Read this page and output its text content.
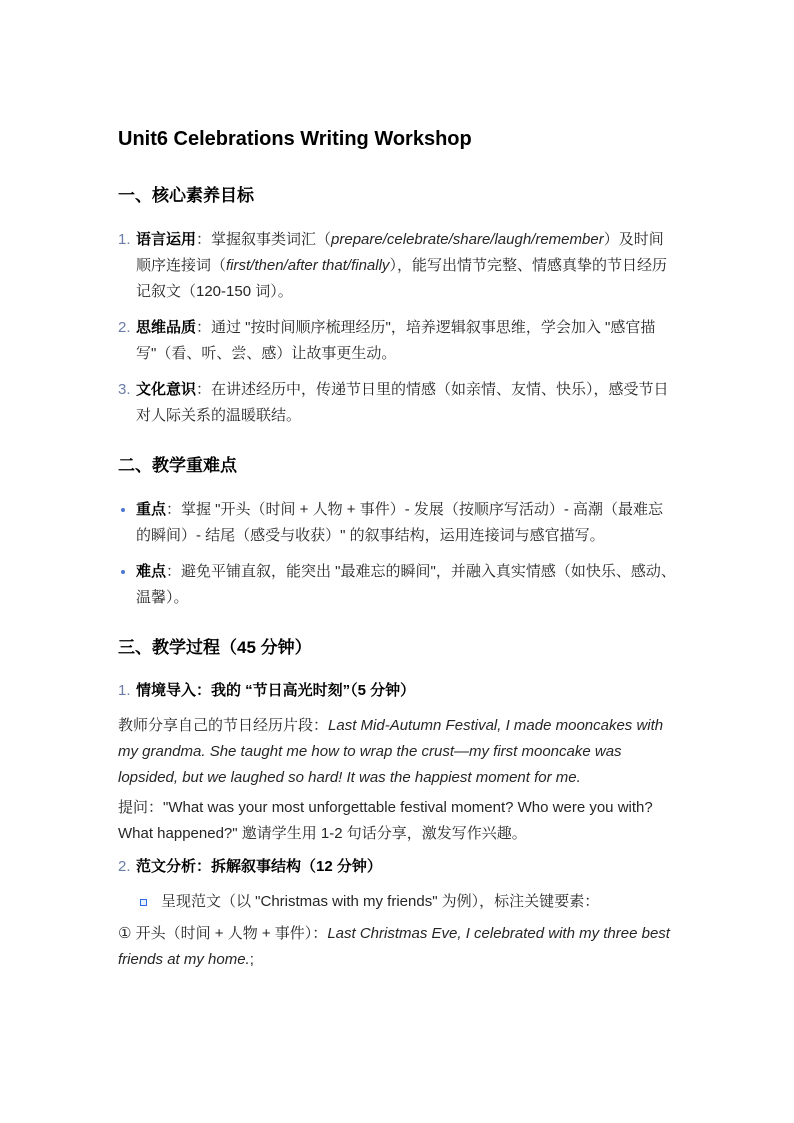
Unit6 Celebrations Writing Workshop
一、核心素养目标
1. 语言运用：掌握叙事类词汇（prepare/celebrate/share/laugh/remember）及时间顺序连接词（first/then/after that/finally），能写出情节完整、情感真挚的节日经历记叙文（120-150 词）。
2. 思维品质：通过 "按时间顺序梳理经历"，培养逻辑叙事思维，学会加入 "感官描写"（看、听、尝、感）让故事更生动。
3. 文化意识：在讲述经历中，传递节日里的情感（如亲情、友情、快乐），感受节日对人际关系的温暖联结。
二、教学重难点
重点：掌握 "开头（时间 + 人物 + 事件）- 发展（按顺序写活动）- 高潮（最难忘的瞬间）- 结尾（感受与收获）" 的叙事结构，运用连接词与感官描写。
难点：避免平铺直叙，能突出 "最难忘的瞬间"，并融入真实情感（如快乐、感动、温馨）。
三、教学过程（45 分钟）
1. 情境导入：我的 “节日高光时刻”（5 分钟）

教师分享自己的节日经历片段：Last Mid-Autumn Festival, I made mooncakes with my grandma. She taught me how to wrap the crust—my first mooncake was lopsided, but we laughed so hard! It was the happiest moment for me.

提问："What was your most unforgettable festival moment? Who were you with? What happened?" 邀请学生用 1-2 句话分享，激发写作兴趣。

2. 范文分析：拆解叙事结构（12 分钟）
呈现范文（以 "Christmas with my friends" 为例），标注关键要素：

① 开头（时间 + 人物 + 事件）：Last Christmas Eve, I celebrated with my three best friends at my home.;
